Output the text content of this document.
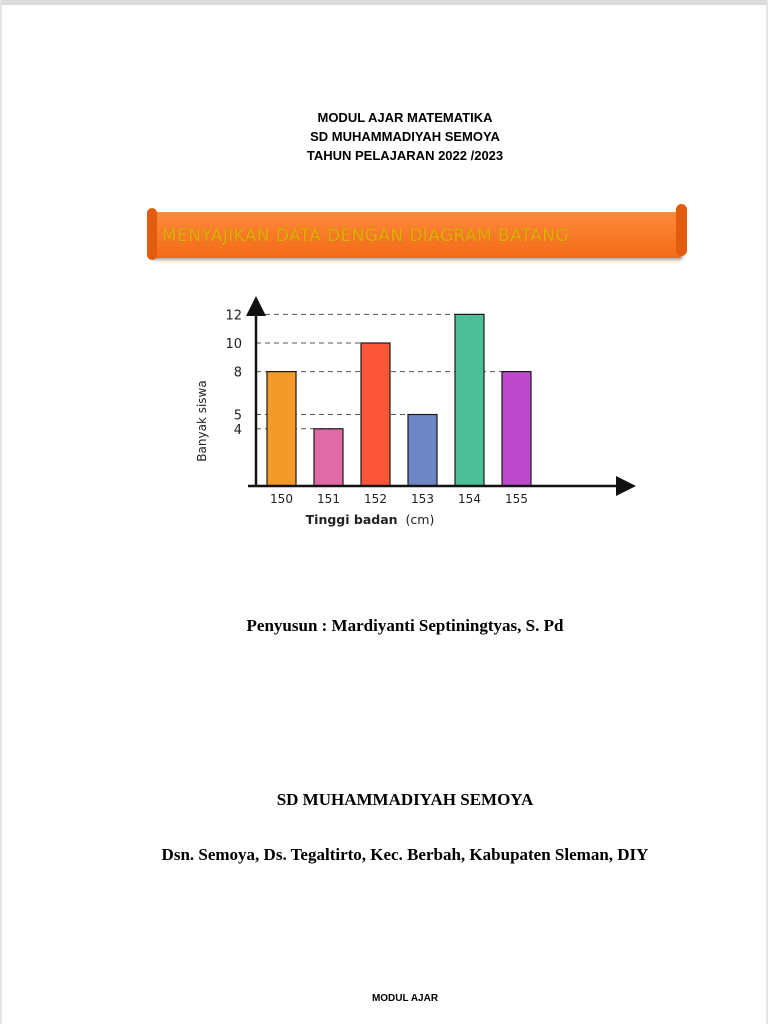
MODUL AJAR MATEMATIKA
SD MUHAMMADIYAH SEMOYA
TAHUN PELAJARAN 2022 /2023
MENYAJIKAN DATA DENGAN DIAGRAM BATANG
4
5
8
10
12
150 151 152 153 154 155
Banyak siswa
Tinggi badan (cm)
Penyusun : Mardiyanti Septiningtyas, S. Pd
SD MUHAMMADIYAH SEMOYA
Dsn. Semoya, Ds. Tegaltirto, Kec. Berbah, Kabupaten Sleman, DIY
MODUL AJAR
